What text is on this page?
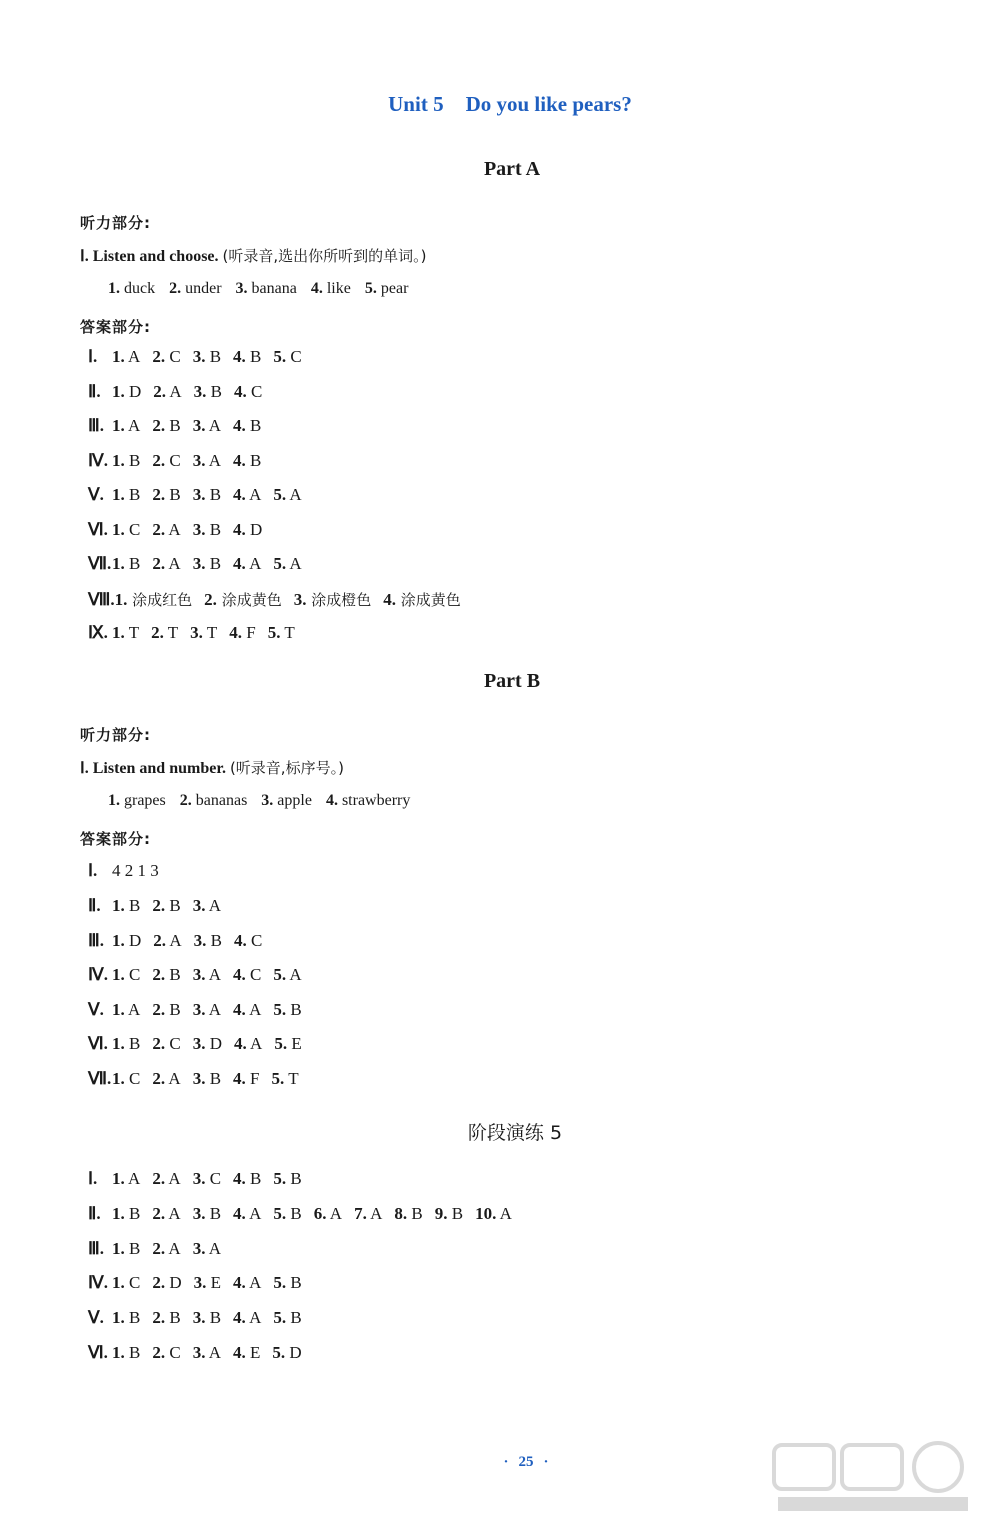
Unit 5 Do you like pears?
Part A
听力部分:
Ⅰ. Listen and choose. (听录音,选出你所听到的单词。)
1. duck 2. under 3. banana 4. like 5. pear
答案部分:
Ⅰ. 1. A 2. C 3. B 4. B 5. C
Ⅱ. 1. D 2. A 3. B 4. C
Ⅲ. 1. A 2. B 3. A 4. B
Ⅳ. 1. B 2. C 3. A 4. B
Ⅴ. 1. B 2. B 3. B 4. A 5. A
Ⅵ. 1. C 2. A 3. B 4. D
Ⅶ.1. B 2. A 3. B 4. A 5. A
Ⅷ.1. 涂成红色 2. 涂成黄色 3. 涂成橙色 4. 涂成黄色
Ⅸ. 1. T 2. T 3. T 4. F 5. T
Part B
听力部分:
Ⅰ. Listen and number. (听录音,标序号。)
1. grapes 2. bananas 3. apple 4. strawberry
答案部分:
Ⅰ. 4 2 1 3
Ⅱ. 1. B 2. B 3. A
Ⅲ. 1. D 2. A 3. B 4. C
Ⅳ. 1. C 2. B 3. A 4. C 5. A
Ⅴ. 1. A 2. B 3. A 4. A 5. B
Ⅵ. 1. B 2. C 3. D 4. A 5. E
Ⅶ.1. C 2. A 3. B 4. F 5. T
阶段演练 5
Ⅰ. 1. A 2. A 3. C 4. B 5. B
Ⅱ. 1. B 2. A 3. B 4. A 5. B 6. A 7. A 8. B 9. B 10. A
Ⅲ. 1. B 2. A 3. A
Ⅳ. 1. C 2. D 3. E 4. A 5. B
Ⅴ. 1. B 2. B 3. B 4. A 5. B
Ⅵ. 1. B 2. C 3. A 4. E 5. D
· 25 ·
